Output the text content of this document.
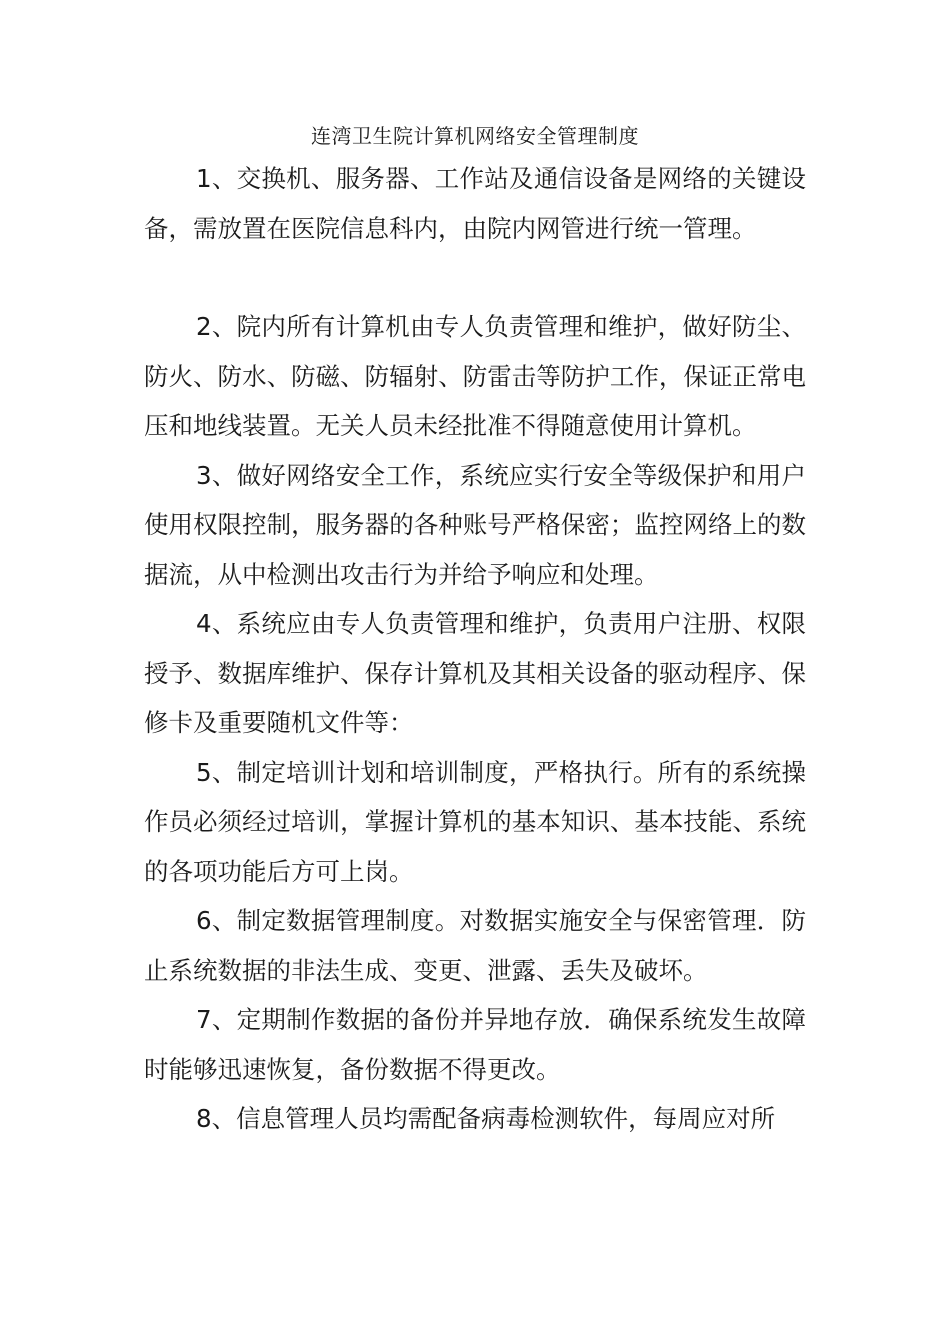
连湾卫生院计算机网络安全管理制度

1、交换机、服务器、工作站及通信设备是网络的关键设备，需放置在医院信息科内，由院内网管进行统一管理。

2、院内所有计算机由专人负责管理和维护，做好防尘、防火、防水、防磁、防辐射、防雷击等防护工作，保证正常电压和地线装置。无关人员未经批准不得随意使用计算机。

3、做好网络安全工作，系统应实行安全等级保护和用户使用权限控制，服务器的各种账号严格保密；监控网络上的数据流，从中检测出攻击行为并给予响应和处理。

4、系统应由专人负责管理和维护，负责用户注册、权限授予、数据库维护、保存计算机及其相关设备的驱动程序、保修卡及重要随机文件等：

5、制定培训计划和培训制度，严格执行。所有的系统操作员必须经过培训，掌握计算机的基本知识、基本技能、系统的各项功能后方可上岗。

6、制定数据管理制度。对数据实施安全与保密管理．防止系统数据的非法生成、变更、泄露、丢失及破坏。

7、定期制作数据的备份并异地存放．确保系统发生故障时能够迅速恢复，备份数据不得更改。

8、信息管理人员均需配备病毒检测软件，每周应对所
